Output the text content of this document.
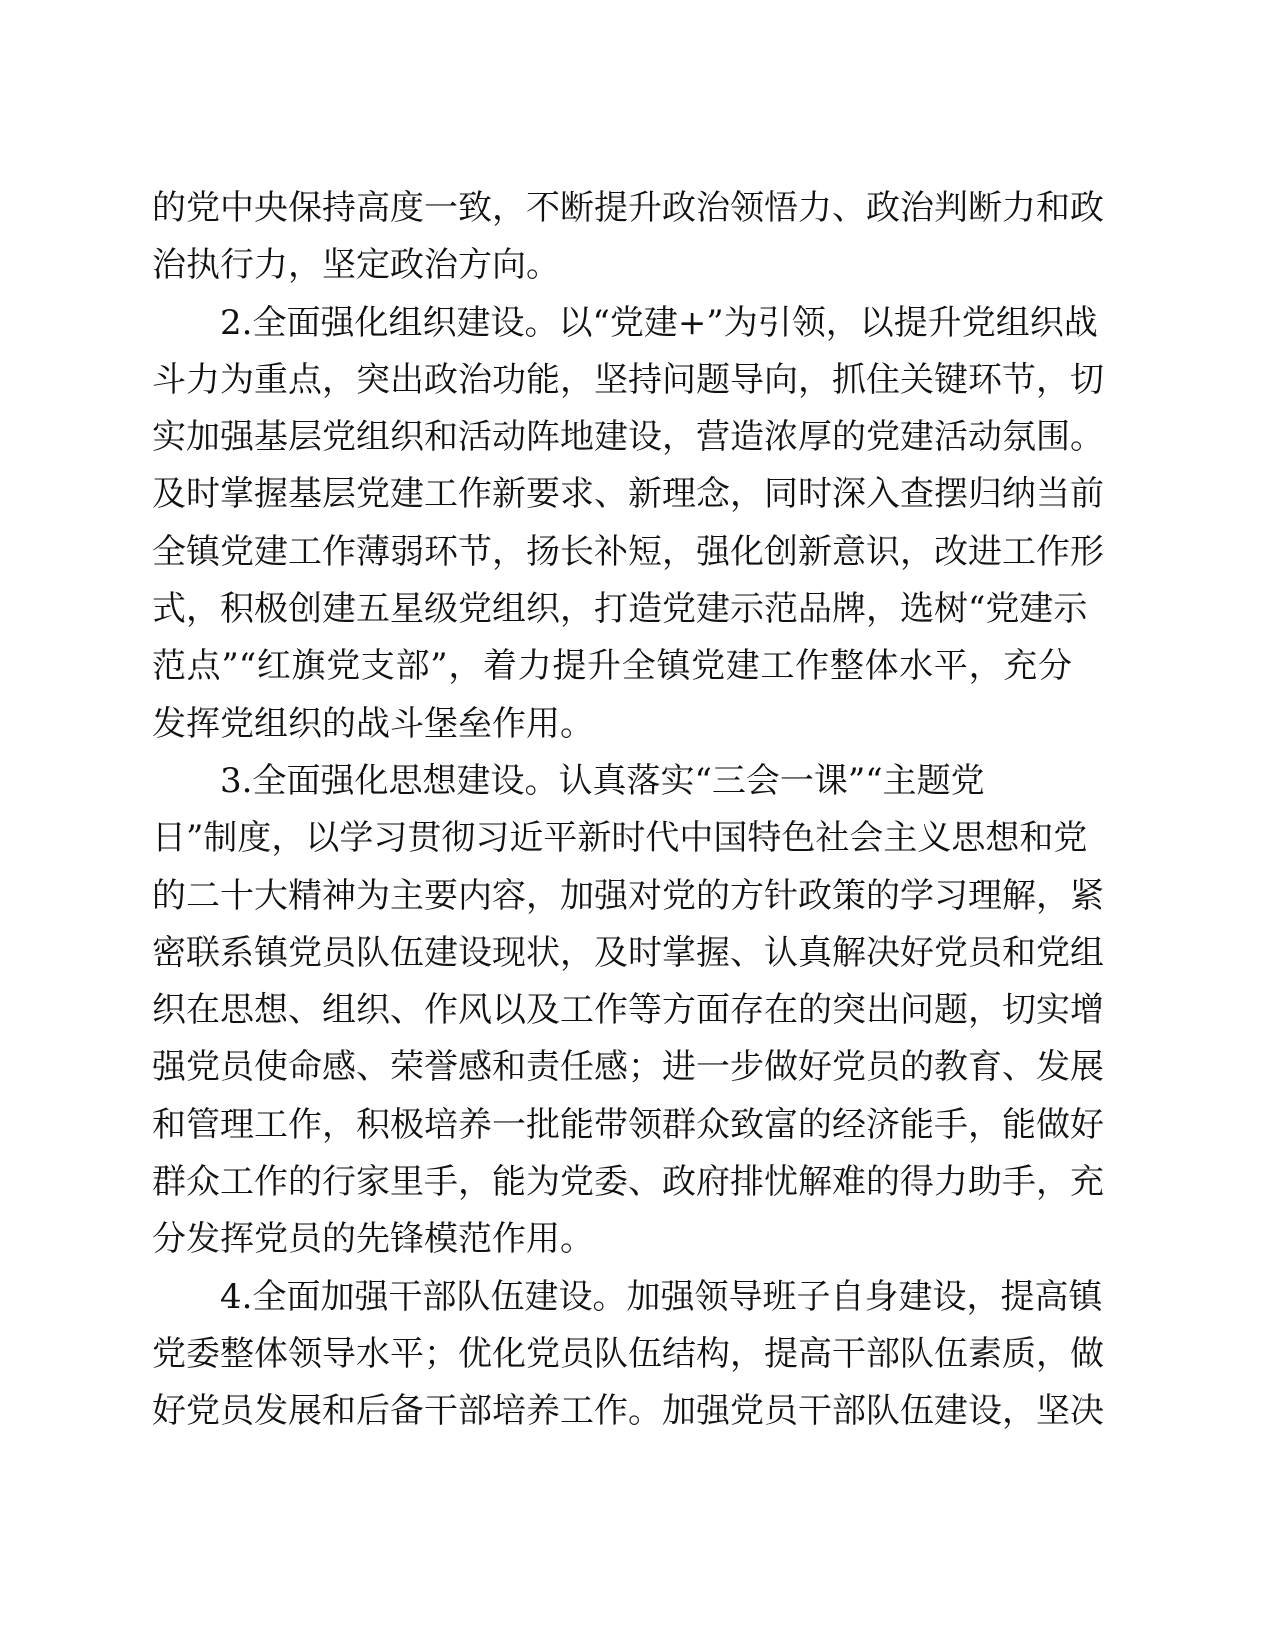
的党中央保持高度一致，不断提升政治领悟力、政治判断力和政
治执行力，坚定政治方向。
2.全面强化组织建设。以“党建+”为引领，以提升党组织战
斗力为重点，突出政治功能，坚持问题导向，抓住关键环节，切
实加强基层党组织和活动阵地建设，营造浓厚的党建活动氛围。
及时掌握基层党建工作新要求、新理念，同时深入查摆归纳当前
全镇党建工作薄弱环节，扬长补短，强化创新意识，改进工作形
式，积极创建五星级党组织，打造党建示范品牌，选树“党建示
范点”“红旗党支部”，着力提升全镇党建工作整体水平，充分
发挥党组织的战斗堡垒作用。
3.全面强化思想建设。认真落实“三会一课”“主题党
日”制度，以学习贯彻习近平新时代中国特色社会主义思想和党
的二十大精神为主要内容，加强对党的方针政策的学习理解，紧
密联系镇党员队伍建设现状，及时掌握、认真解决好党员和党组
织在思想、组织、作风以及工作等方面存在的突出问题，切实增
强党员使命感、荣誉感和责任感；进一步做好党员的教育、发展
和管理工作，积极培养一批能带领群众致富的经济能手，能做好
群众工作的行家里手，能为党委、政府排忧解难的得力助手，充
分发挥党员的先锋模范作用。
4.全面加强干部队伍建设。加强领导班子自身建设，提高镇
党委整体领导水平；优化党员队伍结构，提高干部队伍素质，做
好党员发展和后备干部培养工作。加强党员干部队伍建设，坚决
